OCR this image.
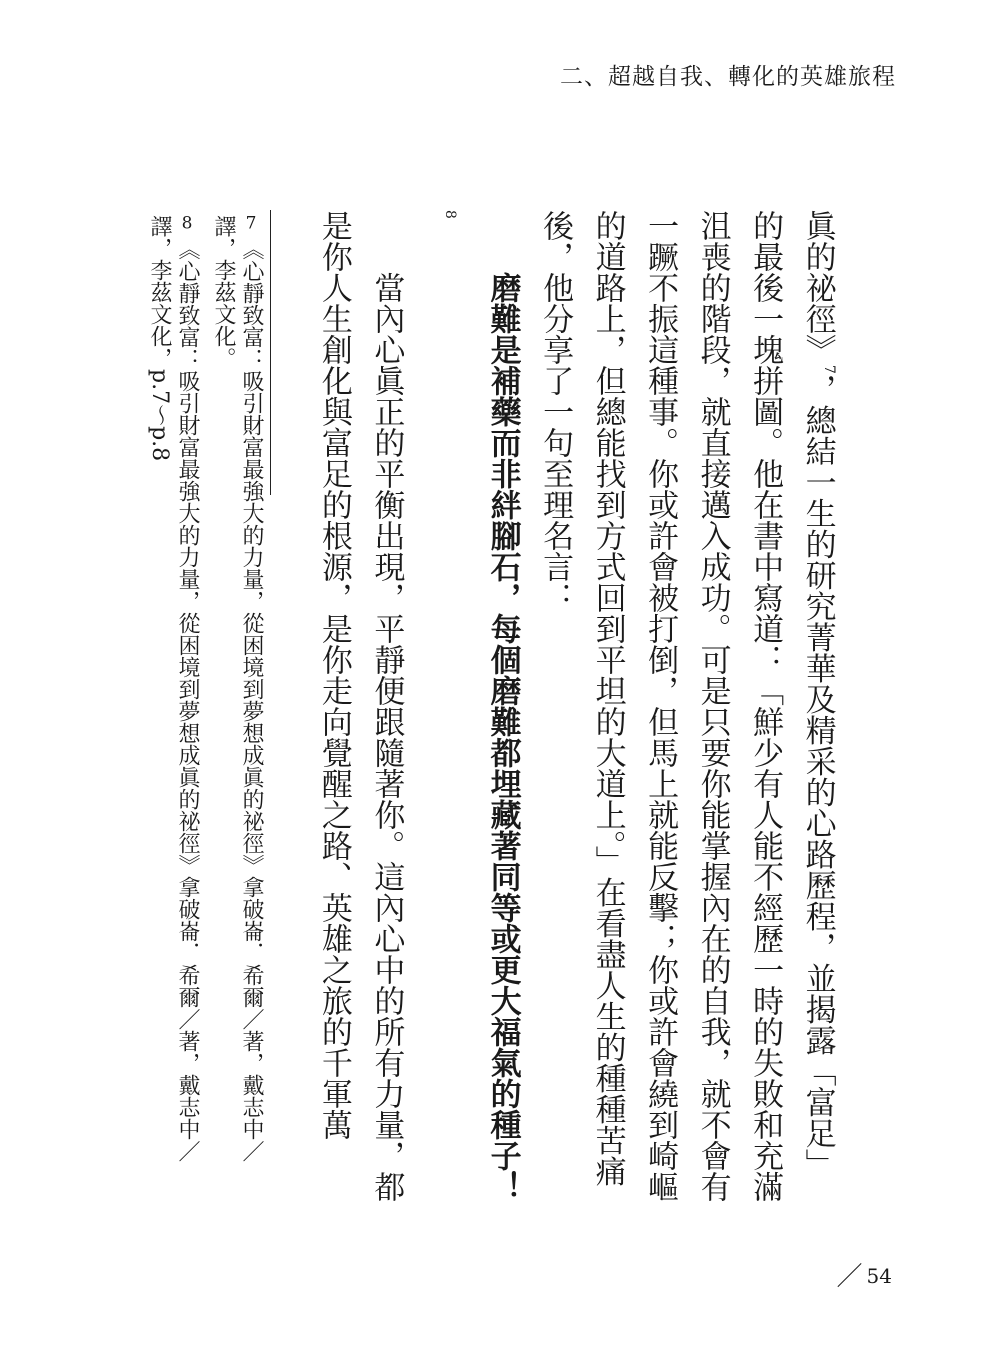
二、超越自我、轉化的英雄旅程

眞的祕徑》$^7$，總結一生的研究菁華及精采的心路歷程，並揭露「富足」的最後一塊拼圖。他在書中寫道：「鮮少有人能不經歷一時的失敗和充滿沮喪的階段，就直接邁入成功。可是只要你能掌握內在的自我，就不會有一蹶不振這種事。你或許會被打倒，但馬上就能反擊；你或許會繞到崎嶇的道路上，但總能找到方式回到平坦的大道上。」在看盡人生的種種苦痛後，他分享了一句至理名言：

磨難是補藥而非絆腳石，每個磨難都埋藏著同等或更大福氣的種子！$^8$

當內心眞正的平衡出現，平靜便跟隨著你。這內心中的所有力量，都是你人生創化與富足的根源，是你走向覺醒之路、英雄之旅的千軍萬

7《心靜致富：吸引財富最強大的力量，從困境到夢想成眞的祕徑》拿破崙．希爾／著，戴志中／譯，李茲文化。

8《心靜致富：吸引財富最強大的力量，從困境到夢想成眞的祕徑》拿破崙．希爾／著，戴志中／譯，李茲文化，p.7～p.8

／ 54
